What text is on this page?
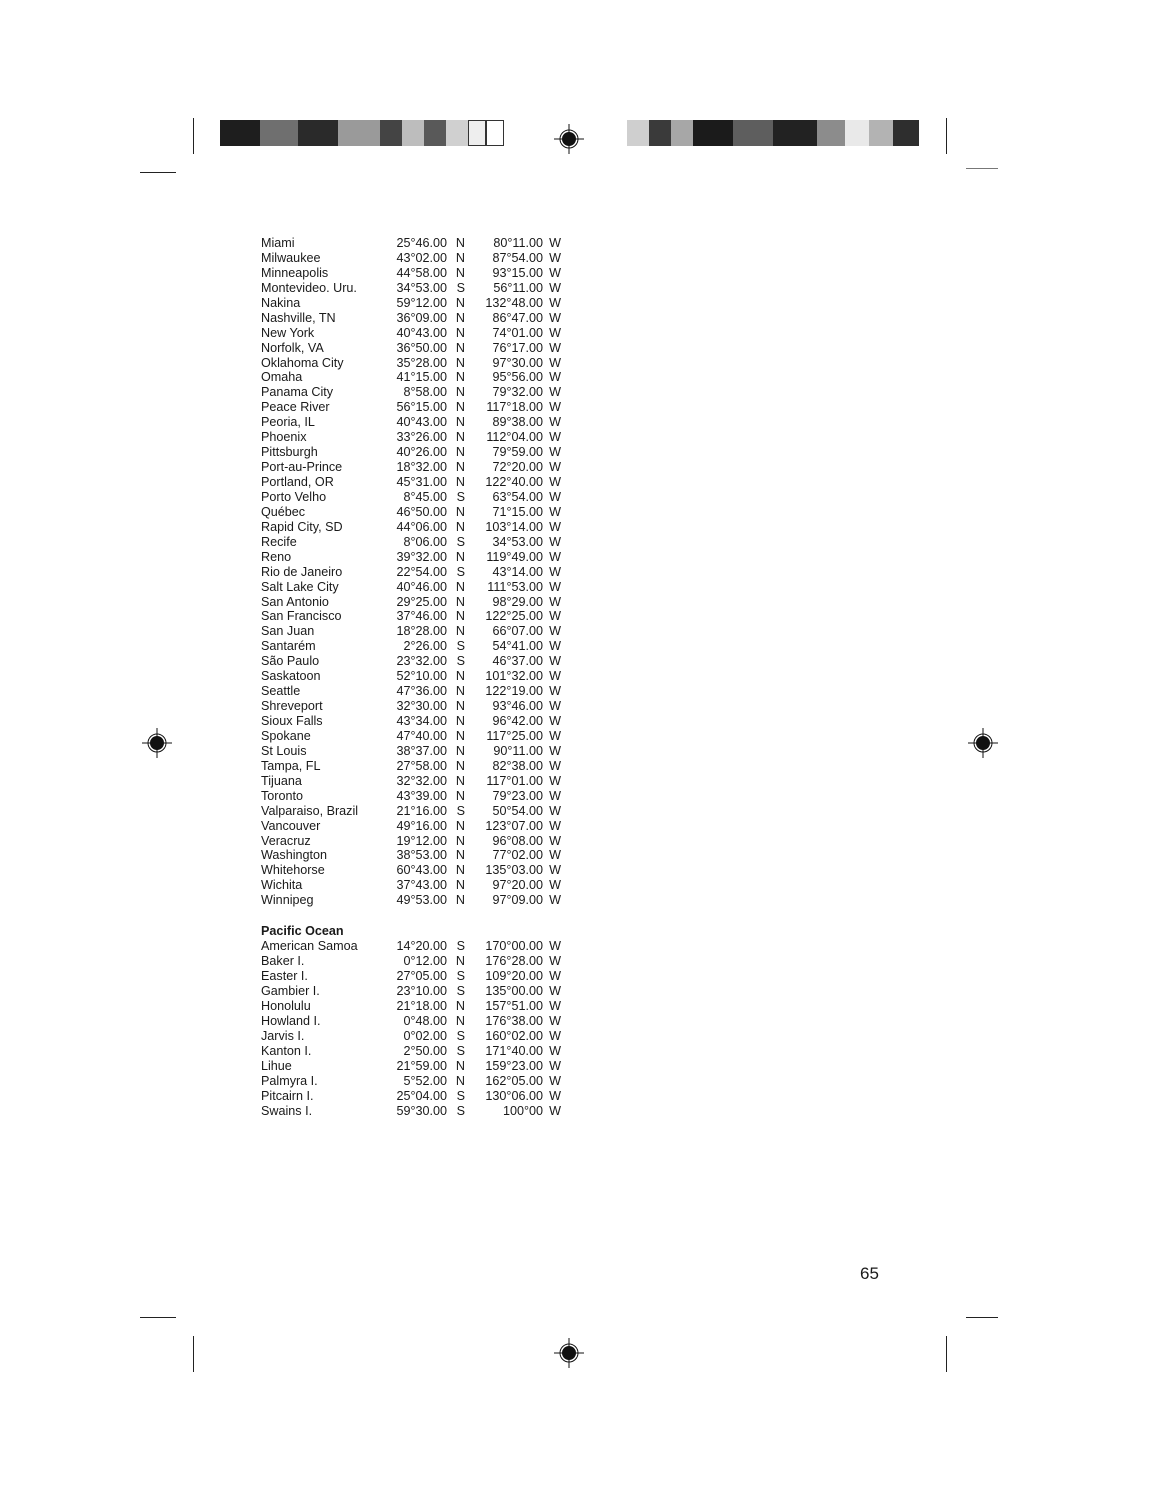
Miami	25°46.00 N	80°11.00 W
Milwaukee	43°02.00 N	87°54.00 W
Minneapolis	44°58.00 N	93°15.00 W
Montevideo. Uru.	34°53.00 S	56°11.00 W
Nakina	59°12.00 N	132°48.00 W
Nashville, TN	36°09.00 N	86°47.00 W
New York	40°43.00 N	74°01.00 W
Norfolk, VA	36°50.00 N	76°17.00 W
Oklahoma City	35°28.00 N	97°30.00 W
Omaha	41°15.00 N	95°56.00 W
Panama City	8°58.00 N	79°32.00 W
Peace River	56°15.00 N	117°18.00 W
Peoria, IL	40°43.00 N	89°38.00 W
Phoenix	33°26.00 N	112°04.00 W
Pittsburgh	40°26.00 N	79°59.00 W
Port-au-Prince	18°32.00 N	72°20.00 W
Portland, OR	45°31.00 N	122°40.00 W
Porto Velho	8°45.00 S	63°54.00 W
Québec	46°50.00 N	71°15.00 W
Rapid City, SD	44°06.00 N	103°14.00 W
Recife	8°06.00 S	34°53.00 W
Reno	39°32.00 N	119°49.00 W
Rio de Janeiro	22°54.00 S	43°14.00 W
Salt Lake City	40°46.00 N	111°53.00 W
San Antonio	29°25.00 N	98°29.00 W
San Francisco	37°46.00 N	122°25.00 W
San Juan	18°28.00 N	66°07.00 W
Santarém	2°26.00 S	54°41.00 W
São Paulo	23°32.00 S	46°37.00 W
Saskatoon	52°10.00 N	101°32.00 W
Seattle	47°36.00 N	122°19.00 W
Shreveport	32°30.00 N	93°46.00 W
Sioux Falls	43°34.00 N	96°42.00 W
Spokane	47°40.00 N	117°25.00 W
St Louis	38°37.00 N	90°11.00 W
Tampa, FL	27°58.00 N	82°38.00 W
Tijuana	32°32.00 N	117°01.00 W
Toronto	43°39.00 N	79°23.00 W
Valparaiso, Brazil	21°16.00 S	50°54.00 W
Vancouver	49°16.00 N	123°07.00 W
Veracruz	19°12.00 N	96°08.00 W
Washington	38°53.00 N	77°02.00 W
Whitehorse	60°43.00 N	135°03.00 W
Wichita	37°43.00 N	97°20.00 W
Winnipeg	49°53.00 N	97°09.00 W
Pacific Ocean
American Samoa	14°20.00 S	170°00.00 W
Baker I.	0°12.00 N	176°28.00 W
Easter I.	27°05.00 S	109°20.00 W
Gambier I.	23°10.00 S	135°00.00 W
Honolulu	21°18.00 N	157°51.00 W
Howland I.	0°48.00 N	176°38.00 W
Jarvis I.	0°02.00 S	160°02.00 W
Kanton I.	2°50.00 S	171°40.00 W
Lihue	21°59.00 N	159°23.00 W
Palmyra I.	5°52.00 N	162°05.00 W
Pitcairn I.	25°04.00 S	130°06.00 W
Swains I.	59°30.00 S	100°00 W
65
